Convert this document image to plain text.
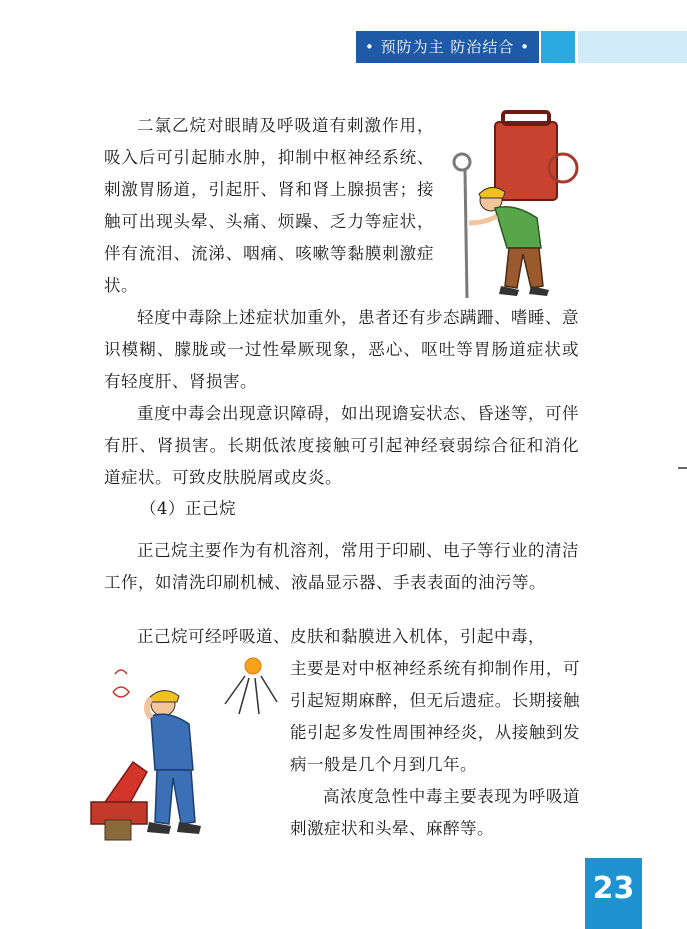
• 预防为主 防治结合 •

二氯乙烷对眼睛及呼吸道有刺激作用，吸入后可引起肺水肿，抑制中枢神经系统、刺激胃肠道，引起肝、肾和肾上腺损害；接触可出现头晕、头痛、烦躁、乏力等症状，伴有流泪、流涕、咽痛、咳嗽等黏膜刺激症状。

轻度中毒除上述症状加重外，患者还有步态蹒跚、嗜睡、意识模糊、朦胧或一过性晕厥现象，恶心、呕吐等胃肠道症状或有轻度肝、肾损害。

重度中毒会出现意识障碍，如出现谵妄状态、昏迷等，可伴有肝、肾损害。长期低浓度接触可引起神经衰弱综合征和消化道症状。可致皮肤脱屑或皮炎。

（4）正己烷

正己烷主要作为有机溶剂，常用于印刷、电子等行业的清洁工作，如清洗印刷机械、液晶显示器、手表表面的油污等。

正己烷可经呼吸道、皮肤和黏膜进入机体，引起中毒，

主要是对中枢神经系统有抑制作用，可引起短期麻醉，但无后遗症。长期接触能引起多发性周围神经炎，从接触到发病一般是几个月到几年。

高浓度急性中毒主要表现为呼吸道刺激症状和头晕、麻醉等。

23
